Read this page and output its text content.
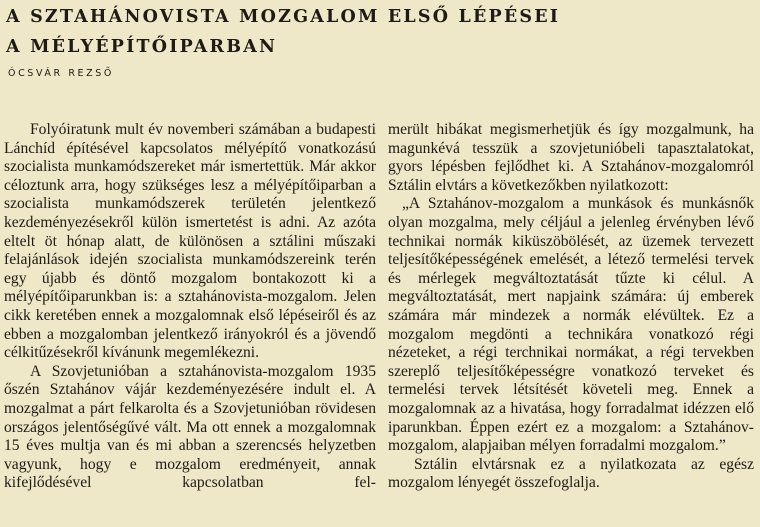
A SZTAHÁNOVISTA MOZGALOM ELSŐ LÉPÉSEI
A MÉLYÉPÍTŐIPARBAN

ÓCSVÁR REZSŐ

Folyóiratunk mult év novemberi számában a budapesti Lánchíd építésével kapcsolatos mélyépítő vonatkozású szocialista munkamódszereket már ismertettük. Már akkor céloztunk arra, hogy szükséges lesz a mélyépítőiparban a szocialista munkamódszerek területén jelentkező kezdeményezésekről külön ismertetést is adni. Az azóta eltelt öt hónap alatt, de különösen a sztálini műszaki felajánlások idején szocialista munkamódszereink terén egy újabb és döntő mozgalom bontakozott ki a mélyépítőiparunkban is: a sztahánovista-mozgalom. Jelen cikk keretében ennek a mozgalomnak első lépéseiről és az ebben a mozgalomban jelentkező irányokról és a jövendő célkitűzésekről kívánunk megemlékezni.

A Szovjetunióban a sztahánovista-mozgalom 1935 őszén Sztahánov vájár kezdeményezésére indult el. A mozgalmat a párt felkarolta és a Szovjetunióban rövidesen országos jelentőségűvé vált. Ma ott ennek a mozgalomnak 15 éves multja van és mi abban a szerencsés helyzetben vagyunk, hogy e mozgalom eredményeit, annak kifejlődésével kapcsolatban fel-

merült hibákat megismerhetjük és így mozgalmunk, ha magunkévá tesszük a szovjetunióbeli tapasztalatokat, gyors lépésben fejlődhet ki. A Sztahánov-mozgalomról Sztálin elvtárs a következőkben nyilatkozott:

„A Sztahánov-mozgalom a munkások és munkásnők olyan mozgalma, mely céljául a jelenleg érvényben lévő technikai normák kiküszöbölését, az üzemek tervezett teljesítőképességének emelését, a létező termelési tervek és mérlegek megváltoztatását tűzte ki célul. A megváltoztatását, mert napjaink számára: új emberek számára már mindezek a normák elévültek. Ez a mozgalom megdönti a technikára vonatkozó régi nézeteket, a régi terchnikai normákat, a régi tervekben szereplő teljesítőképességre vonatkozó terveket és termelési tervek létsítését követeli meg. Ennek a mozgalomnak az a hivatása, hogy forradalmat idézzen elő iparunkban. Éppen ezért ez a mozgalom: a Sztahánov-mozgalom, alapjaiban mélyen forradalmi mozgalom.”

Sztálin elvtársnak ez a nyilatkozata az egész mozgalom lényegét összefoglalja.
